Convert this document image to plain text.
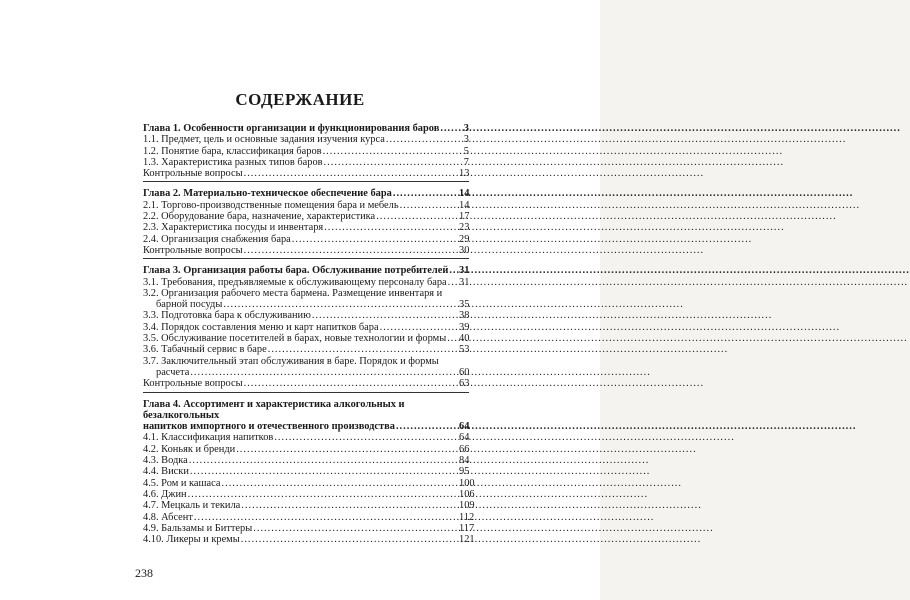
СОДЕРЖАНИЕ
Глава 1. Особенности организации и функционирования баров .....	3
1.1. Предмет, цель и основные задания изучения курса .....	3
1.2. Понятие бара, классификация баров .....	5
1.3. Характеристика разных типов баров .....	7
Контрольные вопросы .....	13
Глава 2. Материально-техническое обеспечение бара .....	14
2.1. Торгово-производственные помещения бара и мебель .....	14
2.2. Оборудование бара, назначение, характеристика .....	17
2.3. Характеристика посуды и инвентаря .....	23
2.4. Организация снабжения бара .....	29
Контрольные вопросы .....	30
Глава 3. Организация работы бара. Обслуживание потребителей ..... 31
3.1. Требования, предъявляемые к обслуживающему персоналу бара ..... 31
3.2. Организация рабочего места бармена. Размещение инвентаря и
барной посуды .....	35
3.3. Подготовка бара к обслуживанию .....	38
3.4. Порядок составления меню и карт напитков бара .....	39
3.5. Обслуживание посетителей в барах, новые технологии и формы ..... 40
3.6. Табачный сервис в баре .....	53
3.7. Заключительный этап обслуживания в баре. Порядок и формы
расчета .....	60
Контрольные вопросы .....	63
Глава 4. Ассортимент и характеристика алкогольных и безалкогольных
напитков импортного и отечественного производства .....	64
4.1. Классификация напитков .....	64
4.2. Коньяк и бренди .....	66
4.3. Водка .....	84
4.4. Виски .....	95
4.5. Ром и кашаса .....	100
4.6. Джин .....	106
4.7. Мецкаль и текила .....	109
4.8. Абсент .....	112
4.9. Бальзамы и Биттеры .....	117
4.10. Ликеры и кремы .....	121
238
